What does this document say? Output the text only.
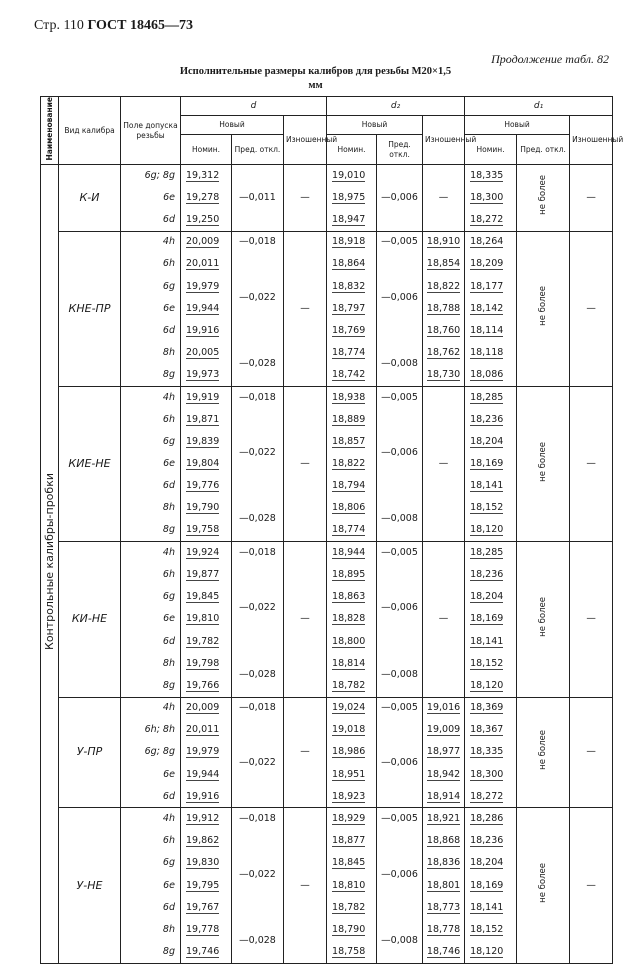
Стр. 110 ГОСТ 18465—73
Продолжение табл. 82
Исполнительные размеры калибров для резьбы М20×1,5
мм
Наименование	Вид калибра	Поле допуска резьбы	d			d₂			d₁		
			Новый		Изношенный	Новый		Изношенный	Новый		Изношенный
			Номин.	Пред. откл.		Номин.	Пред. откл.		Номин.	Пред. откл.	
Контрольные калибры-пробки	К-И	6g; 8g	19,312	—0,011	—	19,010	—0,006	—	18,335	не более	—
		6e	19,278			18,975			18,300		
		6d	19,250			18,947			18,272		
	КНЕ-ПР	4h	20,009	—0,018	—	18,918	—0,005	18,910	18,264	не более	—
		6h	20,011	—0,022		18,864	—0,006	18,854	18,209		
		6g	19,979			18,832		18,822	18,177		
		6e	19,944			18,797		18,788	18,142		
		6d	19,916			18,769		18,760	18,114		
		8h	20,005	—0,028		18,774	—0,008	18,762	18,118		
		8g	19,973			18,742		18,730	18,086		
	КИЕ-НЕ	4h	19,919	—0,018	—	18,938	—0,005	—	18,285	не более	—
		6h	19,871	—0,022		18,889	—0,006		18,236		
		6g	19,839			18,857			18,204		
		6e	19,804			18,822			18,169		
		6d	19,776			18,794			18,141		
		8h	19,790	—0,028		18,806	—0,008		18,152		
		8g	19,758			18,774			18,120		
	КИ-НЕ	4h	19,924	—0,018	—	18,944	—0,005	—	18,285	не более	—
		6h	19,877	—0,022		18,895	—0,006		18,236		
		6g	19,845			18,863			18,204		
		6e	19,810			18,828			18,169		
		6d	19,782			18,800			18,141		
		8h	19,798	—0,028		18,814	—0,008		18,152		
		8g	19,766			18,782			18,120		
	У-ПР	4h	20,009	—0,018	—	19,024	—0,005	19,016	18,369	не более	—
		6h; 8h	20,011	—0,022		19,018	—0,006	19,009	18,367		
		6g; 8g	19,979			18,986		18,977	18,335		
		6e	19,944			18,951		18,942	18,300		
		6d	19,916			18,923		18,914	18,272		
	У-НЕ	4h	19,912	—0,018	—	18,929	—0,005	18,921	18,286	не более	—
		6h	19,862	—0,022		18,877	—0,006	18,868	18,236		
		6g	19,830			18,845		18,836	18,204		
		6e	19,795			18,810		18,801	18,169		
		6d	19,767			18,782		18,773	18,141		
		8h	19,778	—0,028		18,790	—0,008	18,778	18,152		
		8g	19,746			18,758		18,746	18,120		
